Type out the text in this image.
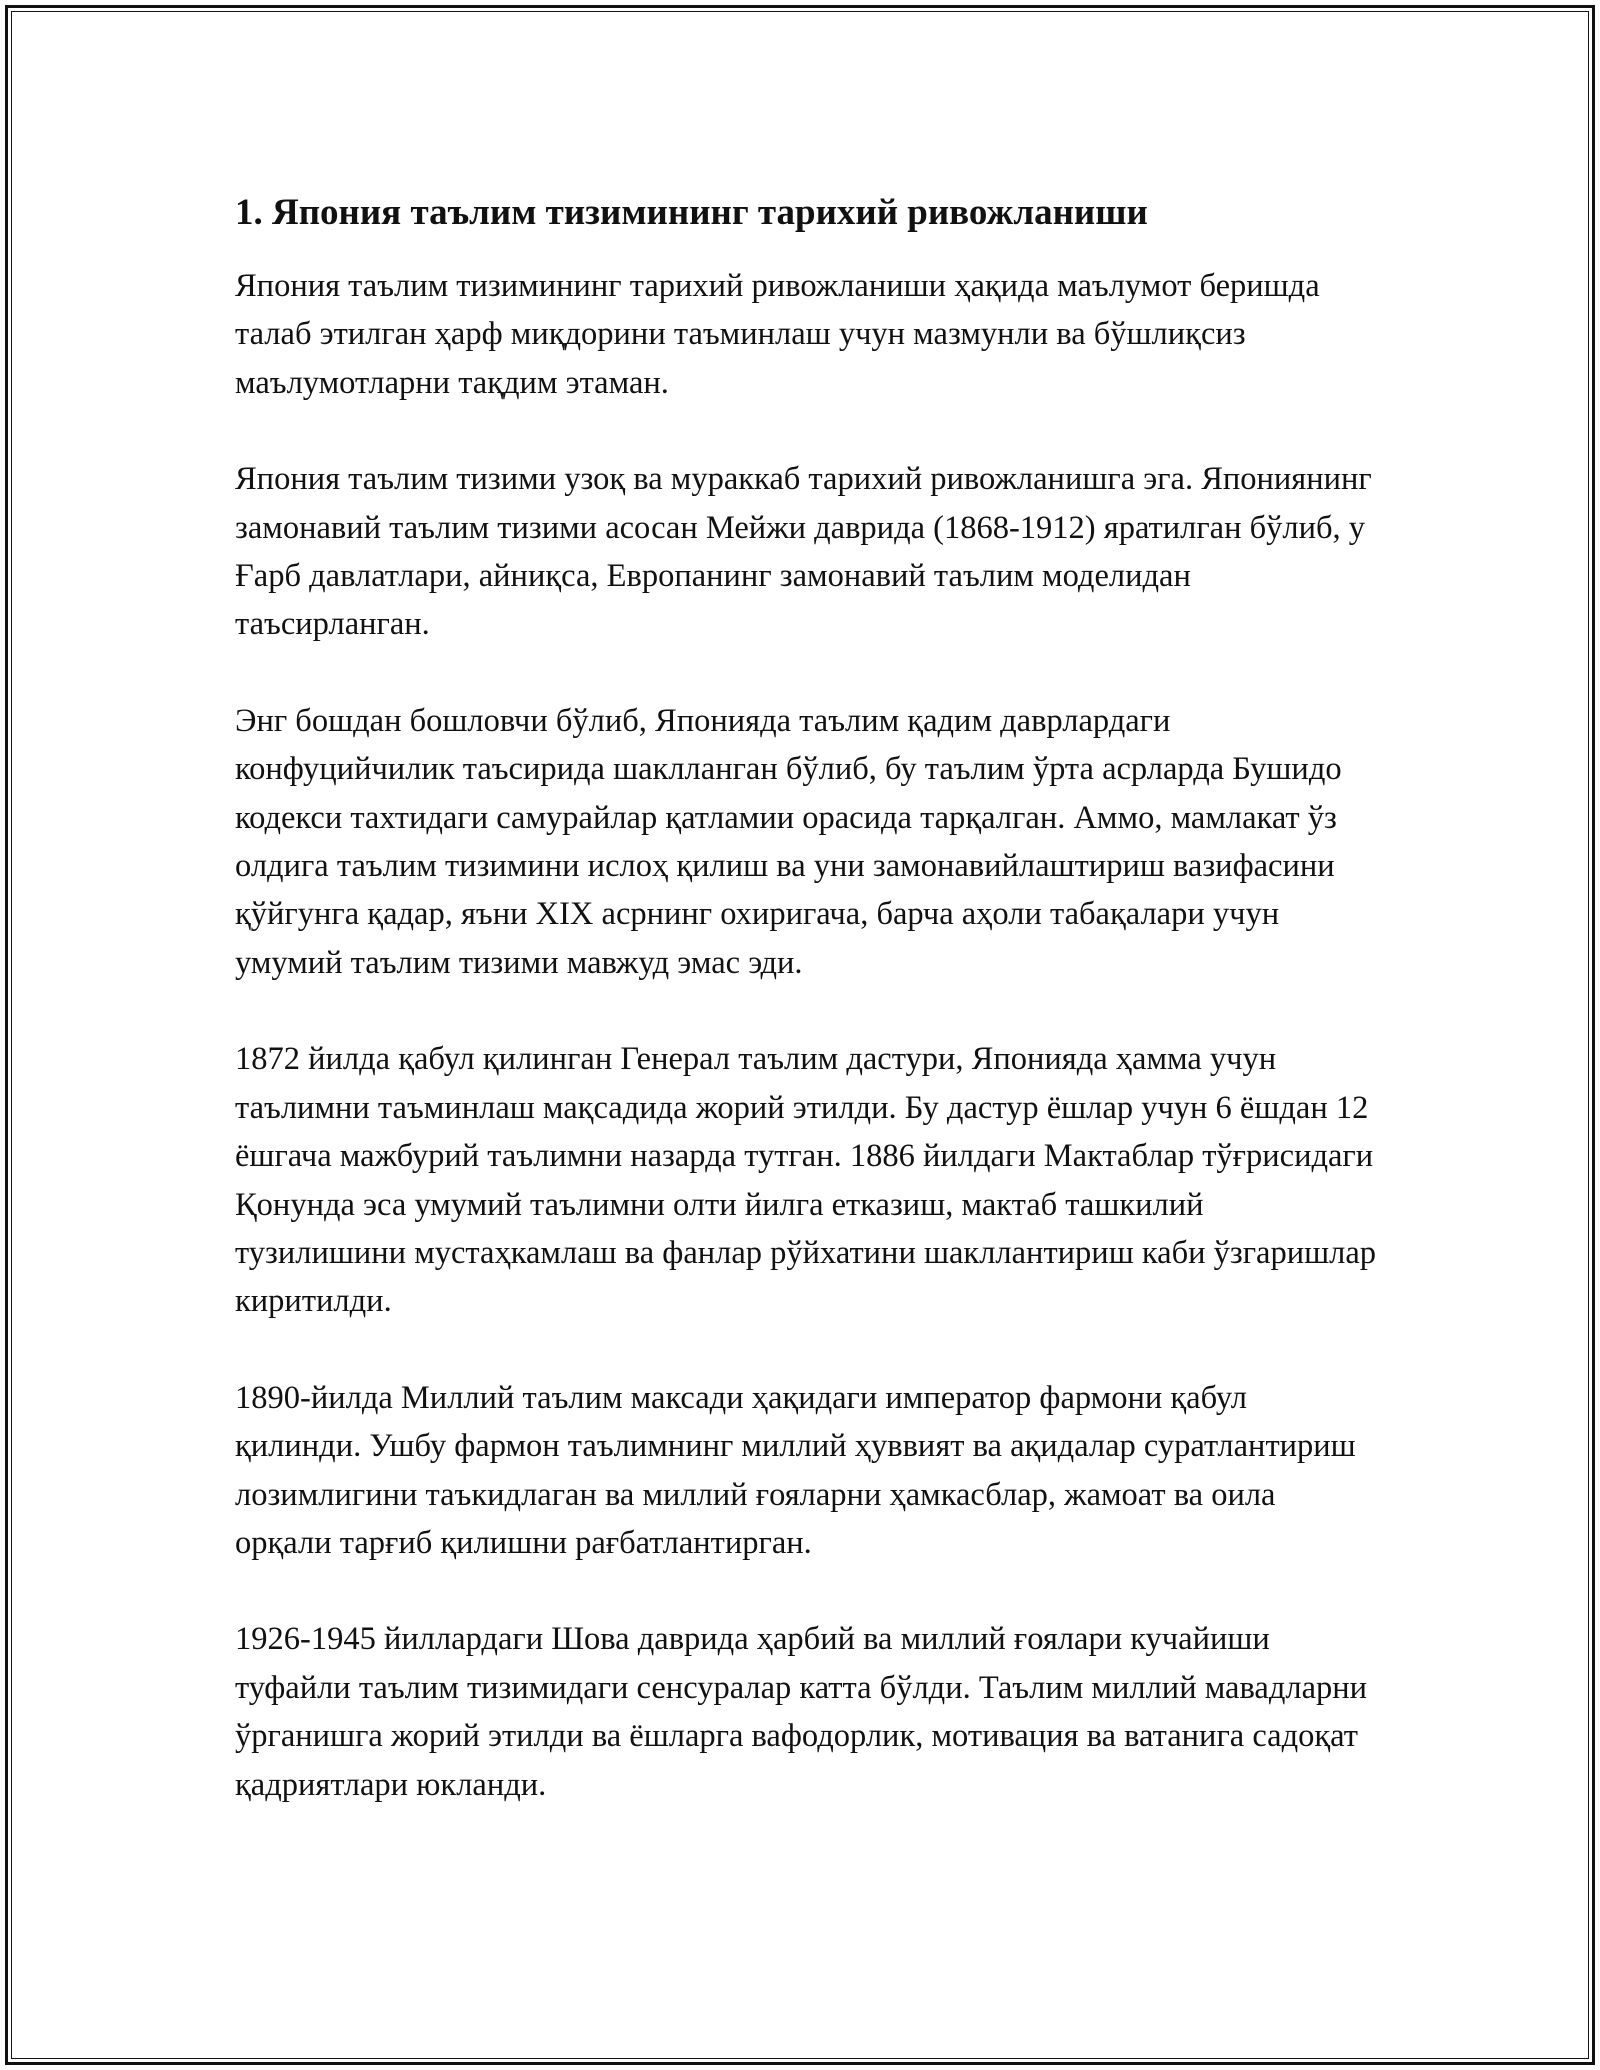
1. Япония таълим тизимининг тарихий ривожланиши

Япония таълим тизимининг тарихий ривожланиши ҳақида маълумот беришда талаб этилган ҳарф миқдорини таъминлаш учун мазмунли ва бўшлиқсиз маълумотларни тақдим этаман.

Япония таълим тизими узоқ ва мураккаб тарихий ривожланишга эга. Япониянинг замонавий таълим тизими асосан Мейжи даврида (1868-1912) яратилган бўлиб, у Ғарб давлатлари, айниқса, Европанинг замонавий таълим моделидан таъсирланган.

Энг бошдан бошловчи бўлиб, Японияда таълим қадим даврлардаги конфуцийчилик таъсирида шаклланган бўлиб, бу таълим ўрта асрларда Бушидо кодекси тахтидаги самурайлар қатламии орасида тарқалган. Аммо, мамлакат ўз олдига таълим тизимини ислоҳ қилиш ва уни замонавийлаштириш вазифасини қўйгунга қадар, яъни XIX асрнинг охиригача, барча аҳоли табақалари учун умумий таълим тизими мавжуд эмас эди.

1872 йилда қабул қилинган Генерал таълим дастури, Японияда ҳамма учун таълимни таъминлаш мақсадида жорий этилди. Бу дастур ёшлар учун 6 ёшдан 12 ёшгача мажбурий таълимни назарда тутган. 1886 йилдаги Мактаблар тўғрисидаги Қонунда эса умумий таълимни олти йилга етказиш, мактаб ташкилий тузилишини мустаҳкамлаш ва фанлар рўйхатини шакллантириш каби ўзгаришлар киритилди.

1890-йилда Миллий таълим максади ҳақидаги император фармони қабул қилинди. Ушбу фармон таълимнинг миллий ҳуввият ва ақидалар суратлантириш лозимлигини таъкидлаган ва миллий ғояларни ҳамкасблар, жамоат ва оила орқали тарғиб қилишни рағбатлантирган.

1926-1945 йиллардаги Шова даврида ҳарбий ва миллий ғоялари кучайиши туфайли таълим тизимидаги сенсуралар катта бўлди. Таълим миллий мавадларни ўрганишга жорий этилди ва ёшларга вафодорлик, мотивация ва ватанига садоқат қадриятлари юкланди.
